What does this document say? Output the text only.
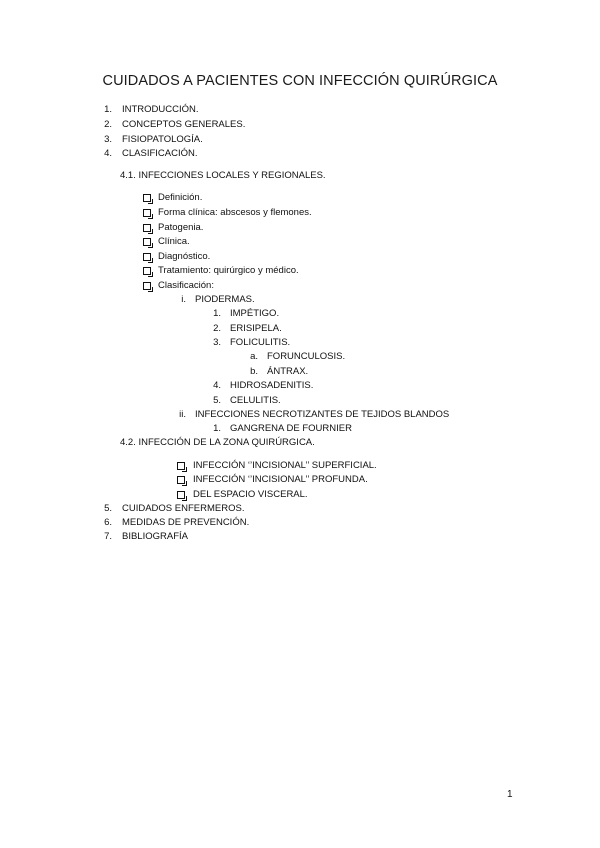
CUIDADOS A PACIENTES CON INFECCIÓN QUIRÚRGICA
1. INTRODUCCIÓN.
2. CONCEPTOS GENERALES.
3. FISIOPATOLOGÍA.
4. CLASIFICACIÓN.
4.1. INFECCIONES LOCALES Y REGIONALES.
Definición.
Forma clínica: abscesos y flemones.
Patogenia.
Clínica.
Diagnóstico.
Tratamiento: quirúrgico y médico.
Clasificación:
i. PIODERMAS.
1. IMPÉTIGO.
2. ERISIPELA.
3. FOLICULITIS.
a. FORUNCULOSIS.
b. ÁNTRAX.
4. HIDROSADENITIS.
5. CELULITIS.
ii. INFECCIONES NECROTIZANTES DE TEJIDOS BLANDOS
1. GANGRENA DE FOURNIER
4.2. INFECCIÓN DE LA ZONA QUIRÚRGICA.
INFECCIÓN ‘’INCISIONAL’’ SUPERFICIAL.
INFECCIÓN ‘’INCISIONAL’’ PROFUNDA.
DEL ESPACIO VISCERAL.
5. CUIDADOS ENFERMEROS.
6. MEDIDAS DE PREVENCIÓN.
7. BIBLIOGRAFÍA
1
